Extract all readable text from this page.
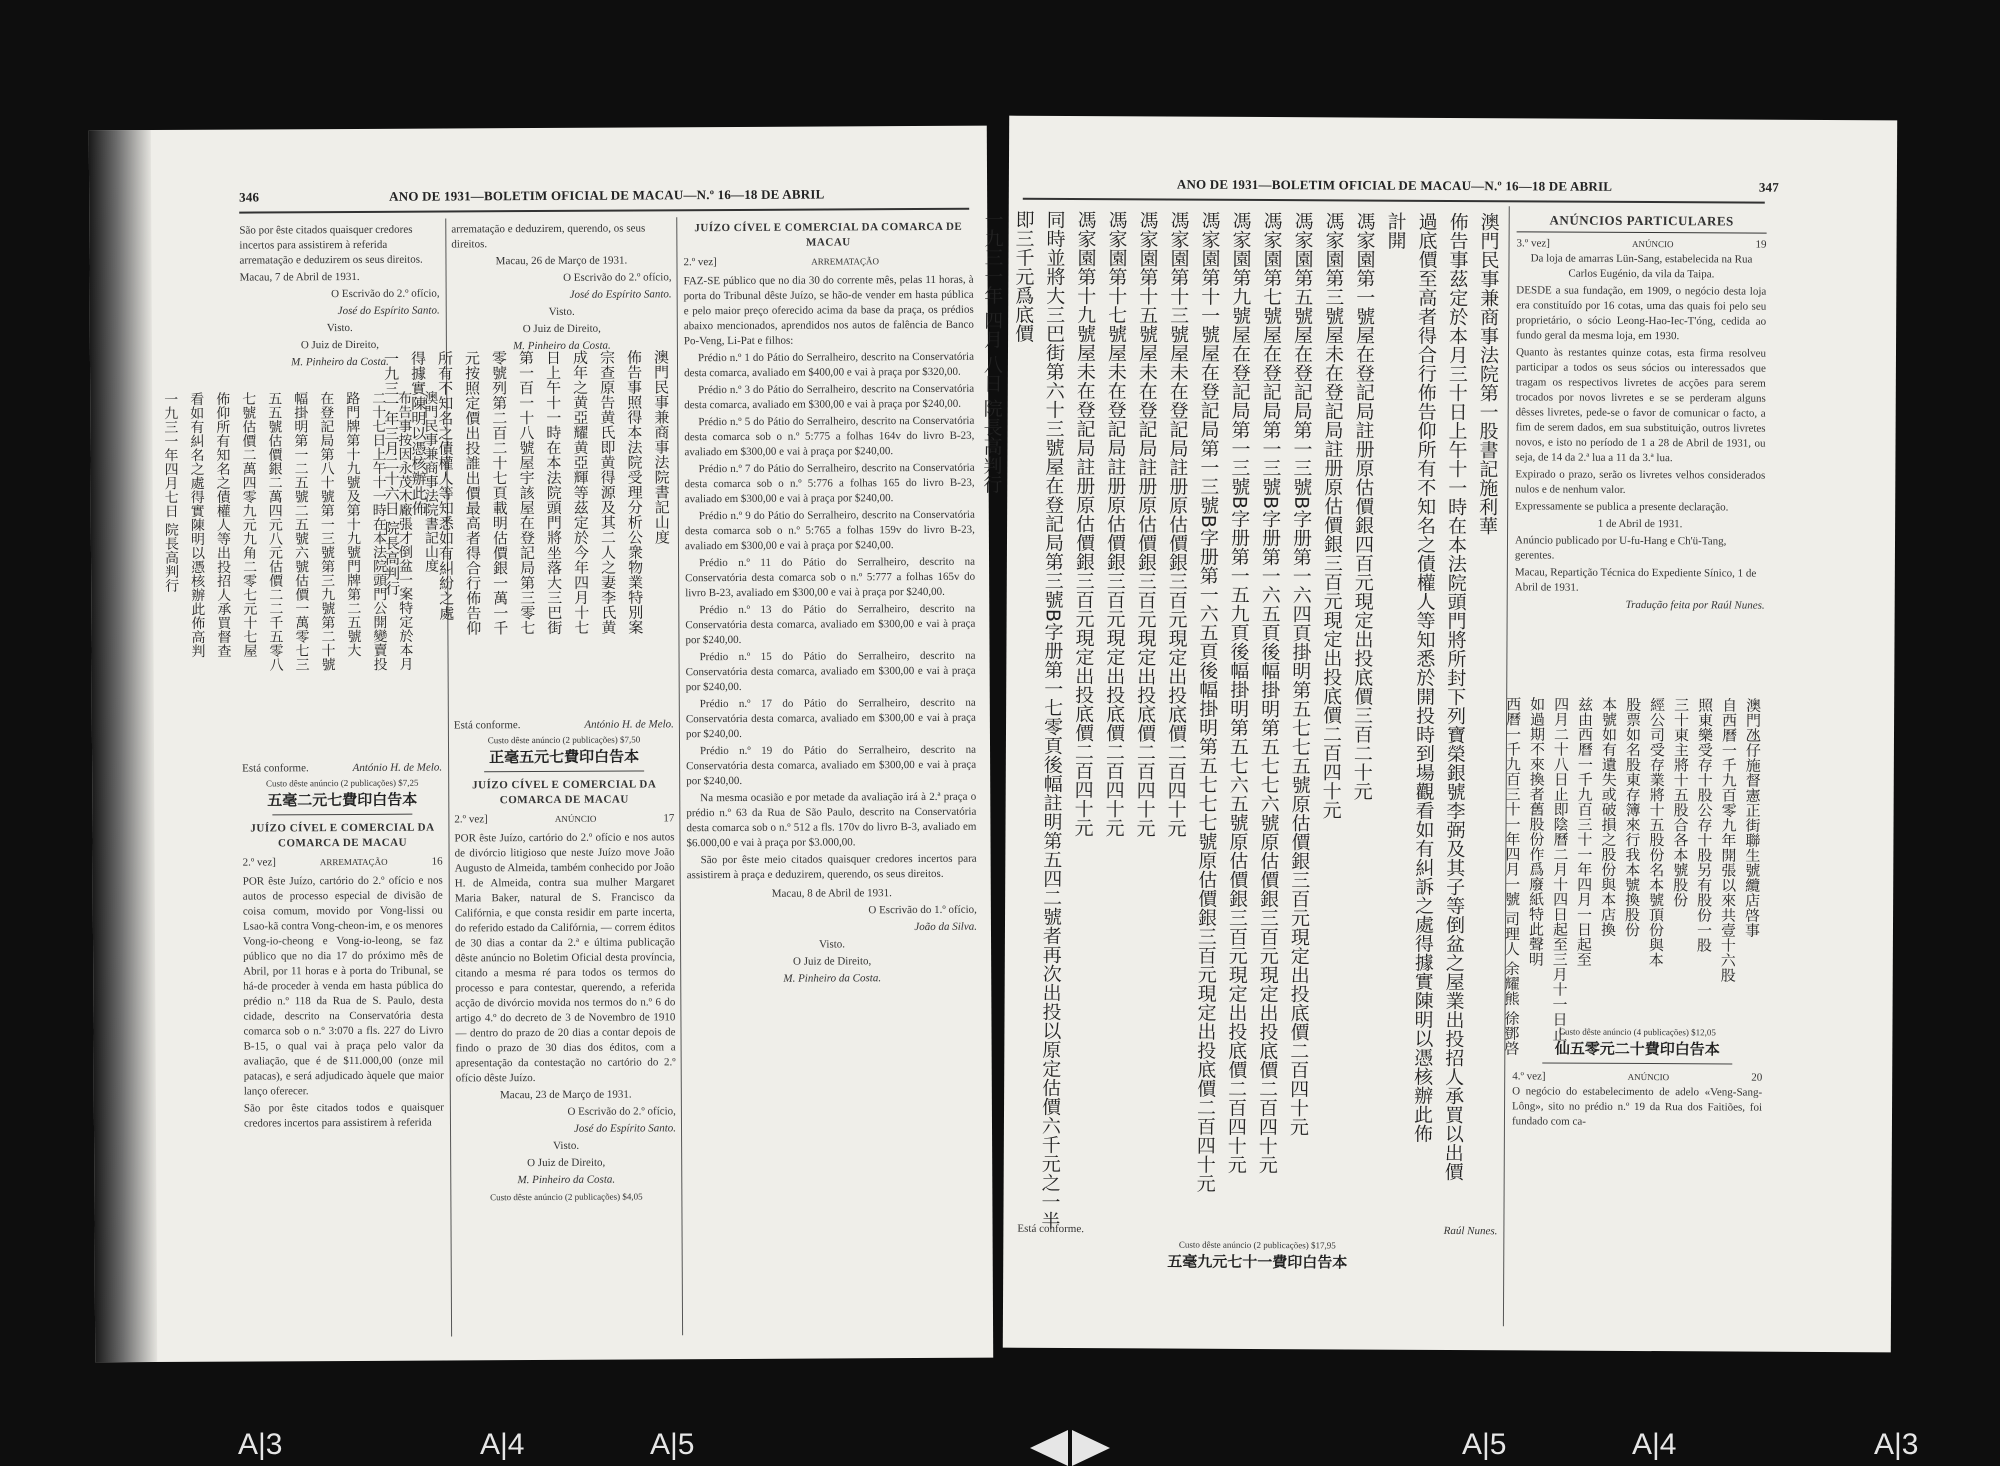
346	ANO DE 1931—BOLETIM OFICIAL DE MACAU—N.º 16—18 DE ABRIL

São por êste citados quaisquer credores incertos para assistirem à referida arrematação e deduzirem os seus direitos.

Macau, 7 de Abril de 1931.

O Escrivão do 2.º ofício,

José do Espírito Santo.

Visto.

O Juiz de Direito,

M. Pinheiro da Costa.

澳門民事兼商事法院書記山度
布告事按因永茂木廠張才倒盆一案特定於本月
二十七日上午十一時在本法院頭門公開變賣投
路門牌第十九號及第十九號門牌第二五號大
在登記局第八十號第一三號第三九號第二十號
幅掛明第一二五號二五號六號估價一萬零七三
五五號估價銀二萬四元八元估價二二千五零八
七號估價二萬四零九元九角二零七元十七屋
佈仰所有知名之債權人等出投招人承買督查
看如有糾名之處得實陳明以憑核辦此佈高判
一九三一年四月七日 院長高判行
Está conforme.	António H. de Melo.

Custo dêste anúncio (2 publicações) $7,25

五毫二元七費印白告本

JUÍZO CÍVEL E COMERCIAL DA COMARCA DE MACAU

2.º vez]	ARREMATAÇÃO	16

POR êste Juízo, cartório do 2.º ofício e nos autos de processo especial de divisão de coisa comum, movido por Vong-lissi ou Lsao-kã contra Vong-cheon-im, e os menores Vong-io-cheong e Vong-io-leong, se faz público que no dia 17 do próximo mês de Abril, por 11 horas e à porta do Tribunal, se há-de proceder à venda em hasta pública do prédio n.º 118 da Rua de S. Paulo, desta cidade, descrito na Conservatória desta comarca sob o n.º 3:070 a fls. 227 do Livro B-15, o qual vai à praça pelo valor da avaliação, que é de $11.000,00 (onze mil patacas), e será adjudicado àquele que maior lanço oferecer.

São por êste citados todos e quaisquer credores incertos para assistirem à referida

arrematação e deduzirem, querendo, os seus direitos.

Macau, 26 de Março de 1931.

O Escrivão do 2.º ofício,

José do Espírito Santo.

Visto.

O Juiz de Direito,

M. Pinheiro da Costa.

澳門民事兼商事法院書記山度
佈告事照得本法院受理分析公衆物業特別案
宗查原告黄氏即黄得源及其二人之妻李氏黄
成年之黄亞耀黄亞輝等茲定於今年四月十七
日上午十一時在本法院頭門將坐落大三巴街
第一百一十八號屋宇該屋在登記局第三零七
零號列第二百二十七頁載明估價銀一萬一千
元按照定價出投誰出價最高者得合行佈告仰
所有不知名之債權人等知悉如有糾紛之處
得據實陳明以憑核辦此佈
一九三一年三月二十六日 院長高判行
Está conforme.	António H. de Melo.

Custo dêste anúncio (2 publicações) $7,50

正毫五元七費印白告本

JUÍZO CÍVEL E COMERCIAL DA COMARCA DE MACAU

2.º vez]	ANÚNCIO	17

POR êste Juízo, cartório do 2.º ofício e nos autos de divórcio litigioso que neste Juízo move João Augusto de Almeida, também conhecido por João H. de Almeida, contra sua mulher Margaret Maria Baker, natural de S. Francisco da Califórnia, e que consta residir em parte incerta, do referido estado da Califórnia, — correm éditos de 30 dias a contar da 2.ª e última publicação dêste anúncio no Boletim Oficial desta província, citando a mesma ré para todos os termos do processo e para contestar, querendo, a referida acção de divórcio movida nos termos do n.º 6 do artigo 4.º do decreto de 3 de Novembro de 1910 — dentro do prazo de 20 dias a contar depois de findo o prazo de 30 dias dos éditos, com a apresentação da contestação no cartório do 2.º ofício dêste Juízo.

Macau, 23 de Março de 1931.

O Escrivão do 2.º ofício,

José do Espírito Santo.

Visto.

O Juiz de Direito,

M. Pinheiro da Costa.

Custo dêste anúncio (2 publicações) $4,05

JUÍZO CÍVEL E COMERCIAL DA COMARCA DE MACAU

2.º vez]	ARREMATAÇÃO

FAZ-SE público que no dia 30 do corrente mês, pelas 11 horas, à porta do Tribunal dêste Juízo, se hão-de vender em hasta pública e pelo maior preço oferecido acima da base da praça, os prédios abaixo mencionados, aprendidos nos autos de falência de Banco Po-Veng, Li-Pat e filhos:

Prédio n.º 1 do Pátio do Serralheiro, descrito na Conservatória desta comarca, avaliado em $400,00 e vai à praça por $320,00.

Prédio n.º 3 do Pátio do Serralheiro, descrito na Conservatória desta comarca, avaliado em $300,00 e vai à praça por $240,00.

Prédio n.º 5 do Pátio do Serralheiro, descrito na Conservatória desta comarca sob o n.º 5:775 a folhas 164v do livro B-23, avaliado em $300,00 e vai à praça por $240,00.

Prédio n.º 7 do Pátio do Serralheiro, descrito na Conservatória desta comarca sob o n.º 5:776 a folhas 165 do livro B-23, avaliado em $300,00 e vai à praça por $240,00.

Prédio n.º 9 do Pátio do Serralheiro, descrito na Conservatória desta comarca sob o n.º 5:765 a folhas 159v do livro B-23, avaliado em $300,00 e vai à praça por $240,00.

Prédio n.º 11 do Pátio do Serralheiro, descrito na Conservatória desta comarca sob o n.º 5:777 a folhas 165v do livro B-23, avaliado em $300,00 e vai à praça por $240,00.

Prédio n.º 13 do Pátio do Serralheiro, descrito na Conservatória desta comarca, avaliado em $300,00 e vai à praça por $240,00.

Prédio n.º 15 do Pátio do Serralheiro, descrito na Conservatória desta comarca, avaliado em $300,00 e vai à praça por $240,00.

Prédio n.º 17 do Pátio do Serralheiro, descrito na Conservatória desta comarca, avaliado em $300,00 e vai à praça por $240,00.

Prédio n.º 19 do Pátio do Serralheiro, descrito na Conservatória desta comarca, avaliado em $300,00 e vai à praça por $240,00.

Na mesma ocasião e por metade da avaliação irá à 2.ª praça o prédio n.º 63 da Rua de São Paulo, descrito na Conservatória desta comarca sob o n.º 512 a fls. 170v do livro B-3, avaliado em $6.000,00 e vai à praça por $3.000,00.

São por êste meio citados quaisquer credores incertos para assistirem à praça e deduzirem, querendo, os seus direitos.

Macau, 8 de Abril de 1931.

O Escrivão do 1.º ofício,

João da Silva.

Visto.

O Juiz de Direito,

M. Pinheiro da Costa.

ANO DE 1931—BOLETIM OFICIAL DE MACAU—N.º 16—18 DE ABRIL	347
澳門民事兼商事法院第一股書記施利華
佈告事茲定於本月三十日上午十一時在本法院頭門將所封下列寶榮銀號李弼及其子等倒盆之屋業出投招人承買以出價
過底價至高者得合行佈告仰所有不知名之債權人等知悉於開投時到場觀看如有糾訴之處得據實陳明以憑核辦此佈
計開
馮家園第一號屋在登記局註册原估價銀四百元現定出投底價三百二十元
馮家園第三號屋未在登記局註册原估價銀三百元現定出投底價二百四十元
馮家園第五號屋在登記局第一三號B字册第一六四頁掛明第五七七五號原估價銀三百元現定出投底價二百四十元
馮家園第七號屋在登記局第一三號B字册第一六五頁後幅掛明第五七七六號原估價銀三百元現定出投底價二百四十元
馮家園第九號屋在登記局第一三號B字册第一五九頁後幅掛明第五七六五號原估價銀三百元現定出投底價二百四十元
馮家園第十一號屋在登記局第一三號B字册第一六五頁後幅掛明第五七七七號原估價銀三百元現定出投底價二百四十元
馮家園第十三號屋未在登記局註册原估價銀三百元現定出投底價二百四十元
馮家園第十五號屋未在登記局註册原估價銀三百元現定出投底價二百四十元
馮家園第十七號屋未在登記局註册原估價銀三百元現定出投底價二百四十元
馮家園第十九號屋未在登記局註册原估價銀三百元現定出投底價二百四十元
同時並將大三巴街第六十三號屋在登記局第三號B字册第一七零頁後幅註明第五四二號者再次出投以原定估價六千元之一半
即三千元爲底價
一九三一年 四月 八日 院長高判行
Está conforme.	Raúl Nunes.

Custo dêste anúncio (2 publicações) $17,95

五毫九元七十一費印白告本

ANÚNCIOS PARTICULARES

3.º vez]	ANÚNCIO	19

Da loja de amarras Lün-Sang, estabelecida na Rua Carlos Eugénio, da vila da Taipa.

DESDE a sua fundação, em 1909, o negócio desta loja era constituído por 16 cotas, uma das quais foi pelo seu proprietário, o sócio Leong-Hao-Iec-T'óng, cedida ao fundo geral da mesma loja, em 1930.

Quanto às restantes quinze cotas, esta firma resolveu participar a todos os seus sócios ou interessados que tragam os respectivos livretes de acções para serem trocados por novos livretes e se se perderam alguns dêsses livretes, pede-se o favor de comunicar o facto, a fim de serem dados, em sua substituição, outros livretes novos, e isto no período de 1 a 28 de Abril de 1931, ou seja, de 14 da 2.ª lua a 11 da 3.ª lua.

Expirado o prazo, serão os livretes velhos considerados nulos e de nenhum valor.

Expressamente se publica a presente declaração.

1 de Abril de 1931.

Anúncio publicado por U-fu-Hang e Ch'ü-Tang, gerentes.

Macau, Repartição Técnica do Expediente Sínico, 1 de Abril de 1931.

Tradução feita por Raúl Nunes.

澳門氹仔施督憲正街聯生號纜店啓事
自西曆一千九百零九年開張以來共壹十六股
照東樂受存十股公存十股另有股份一股
三十東主將十五股合各本號股份
經公司受存業將十五股份名本號頂份與本
股票如名股東存簿來行我本號換股份
本號如有遺失或破損之股份與本店換
兹由西曆一千九百三十一年四月一日起至
四月二十八日止即陰曆二月十四日起至三月十一日止
如過期不來換者舊股份作爲廢紙特此聲明
西曆一千九百三十一年四月一號 司理人 余耀熊 徐鄧啓	Custo dêste anúncio (4 publicações) $12,05

仙五零元二十費印白告本
4.º vez]	ANÚNCIO	20

O negócio do estabelecimento de adelo «Veng-Sang-Lông», sito no prédio n.º 19 da Rua dos Faitiões, foi fundado com ca-

A|3	A|4	A|5	A|5	A|4	A|3
